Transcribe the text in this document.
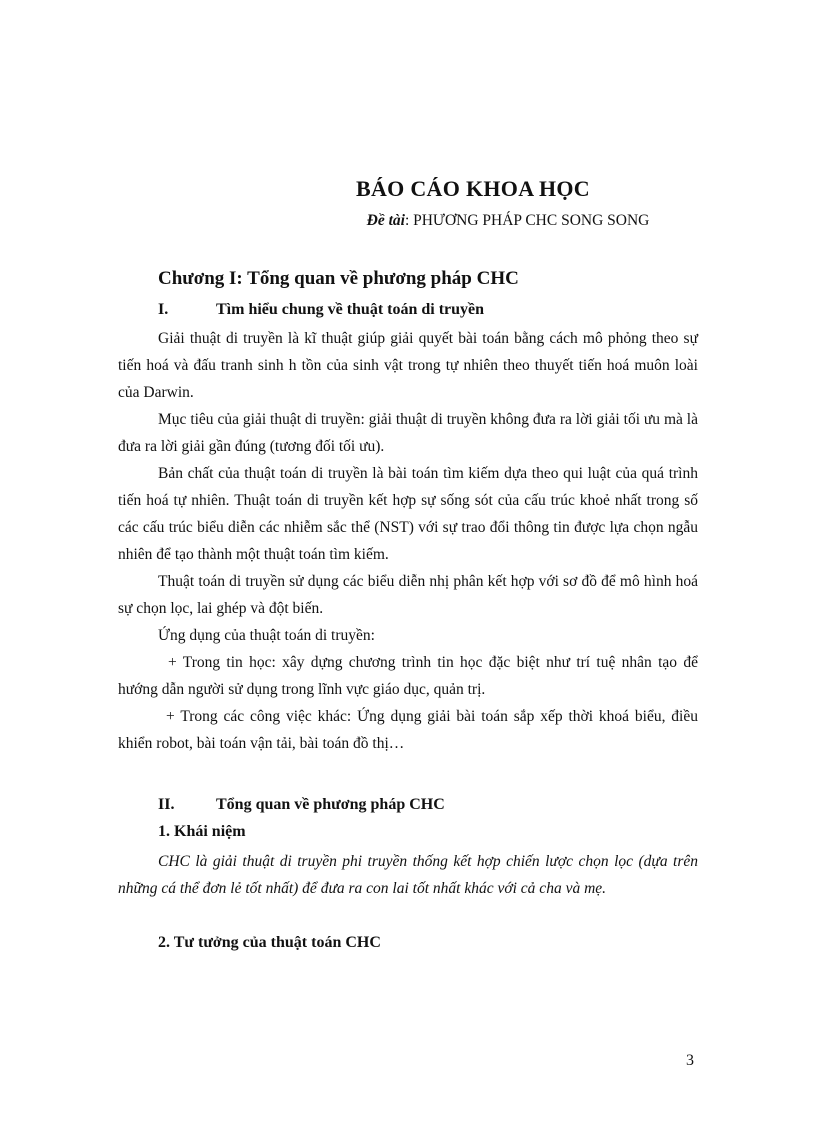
BÁO CÁO KHOA HỌC
Đề tài: PHƯƠNG PHÁP CHC SONG SONG
Chương I: Tổng quan về phương pháp CHC
I.	Tìm hiểu chung về thuật toán di truyền

Giải thuật di truyền là kĩ thuật giúp giải quyết bài toán bằng cách mô phỏng theo sự tiến hoá và đấu tranh sinh h tồn của sinh vật trong tự nhiên theo thuyết tiến hoá muôn loài của Darwin.

Mục tiêu của giải thuật di truyền: giải thuật di truyền không đưa ra lời giải tối ưu mà là đưa ra lời giải gần đúng (tương đối tối ưu).

Bản chất của thuật toán di truyền là bài toán tìm kiếm dựa theo qui luật của quá trình tiến hoá tự nhiên. Thuật toán di truyền kết hợp sự sống sót của cấu trúc khoẻ nhất trong số các cấu trúc biểu diễn các nhiễm sắc thể (NST) với sự trao đổi thông tin được lựa chọn ngẫu nhiên để tạo thành một thuật toán tìm kiếm.

Thuật toán di truyền sử dụng các biểu diễn nhị phân kết hợp với sơ đồ để mô hình hoá sự chọn lọc, lai ghép và đột biến.

Ứng dụng của thuật toán di truyền:

+ Trong tin học: xây dựng chương trình tin học đặc biệt như trí tuệ nhân tạo để hướng dẫn người sử dụng trong lĩnh vực giáo dục, quản trị.

+ Trong các công việc khác: Ứng dụng giải bài toán sắp xếp thời khoá biểu, điều khiển robot, bài toán vận tải, bài toán đồ thị…

II.	Tổng quan về phương pháp CHC
1. Khái niệm

CHC là giải thuật di truyền phi truyền thống kết hợp chiến lược chọn lọc (dựa trên những cá thể đơn lẻ tốt nhất) để đưa ra con lai tốt nhất khác với cả cha và mẹ.

2. Tư tưởng của thuật toán CHC
3
